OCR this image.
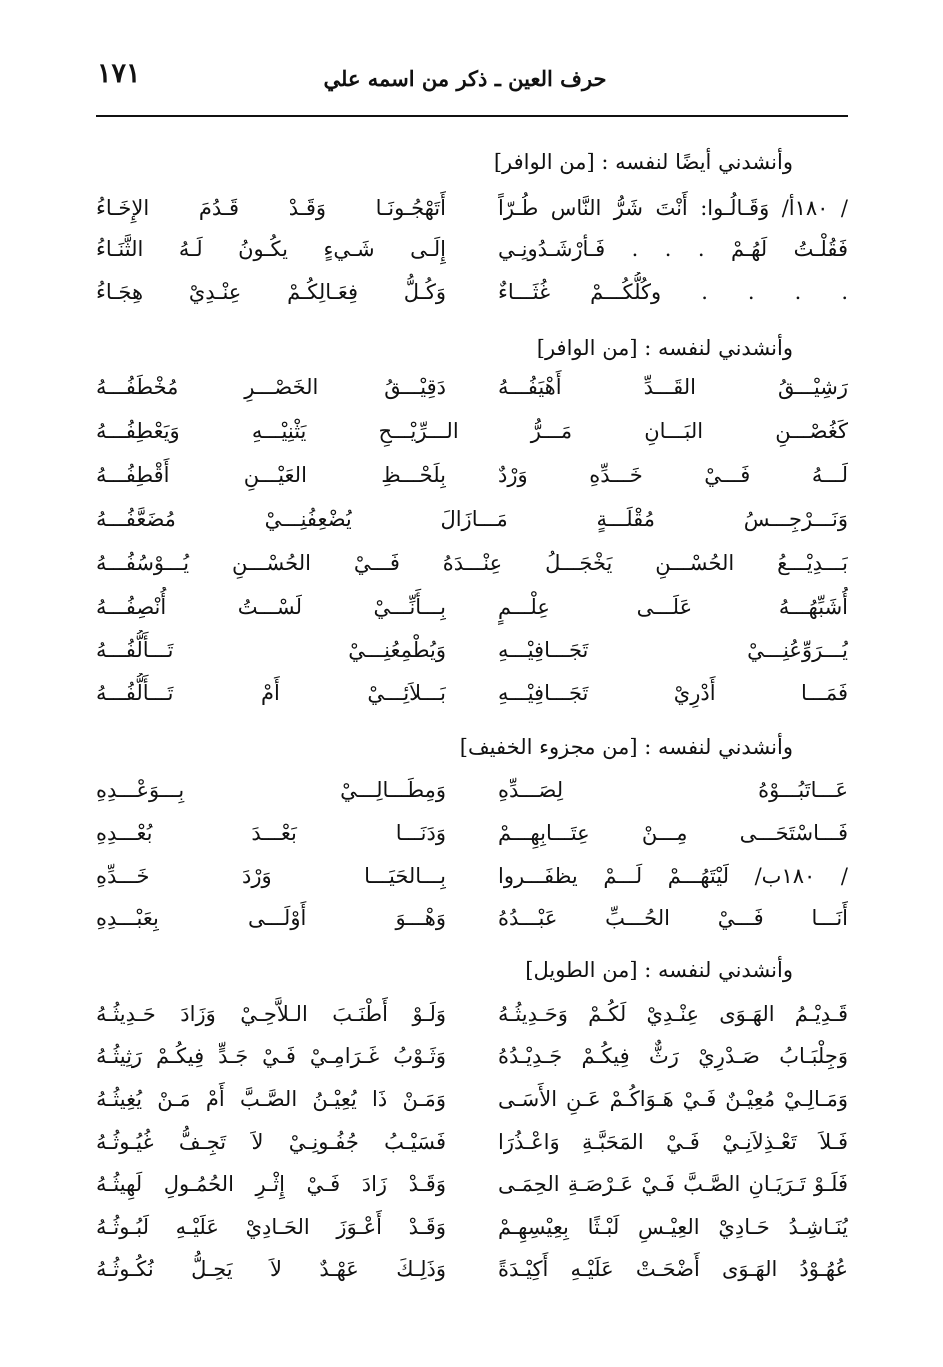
حرف العين ـ ذكر من اسمه علي
١٧١
وأنشدني أيضًا لنفسه : [من الوافر]
/ ١٨٠أ/ وَقَـالُـوا: أَنْتَ شَرُّ النَّاس طُـرّاً
أَتَهْجُـونَـا وَقَـدْ قَـدُمَ الإِخَـاءُ
فَقُلْـتُ لَهُـمْ . . . فَـأرْشَـدُونِـي
إِلَـى شَـيءٍ يكُـونُ لَـهُ الثَّنَـاءُ
. . . . وكُلُّكُـــمْ غُثَـــاءٌ
وَكُـلُّ فِعَـالِكُـمْ عِنْـدِيْ هِجَـاءُ
وأنشدني لنفسه : [من الوافر]
رَشِيْـــقُ القَـــدِّ أَهْيَفُـــهُ
دَقِيْـــقُ الخَصْـــرِ مُخْطَفُـــهُ
كَغُصْـــنِ البَـــانِ مَـــرُّ الـــرِّيْـــحِ يَثْنِيْـــهِ وَيَعْطِفُـــهُ
لَـــهُ فَـــيْ خَـــدِّهِ وَرْدٌ
بِلَحْـــظِ العَيْـــنِ أَقْطِفُـــهُ
وَنَـــرْجِـــسُ مُقْلَـــةٍ مَـــازَالَ يُضْعِفُنِـــيْ مُضَعَّفُـــهُ
بَـــدِيْـــعُ الحُسْـــنِ يَخْجَـــلُ عِنْـــدَهُ فَـــيْ الحُسْـــنِ يُـــوْسُفُـــهُ
أُشَبِّهُـــهُ عَلَـــى عِلْـــمٍ
بِـــأَنِّـــيْ لَسْـــتُ أُنْصِفُـــهُ
يُـــرَوِّعُنِـــيْ تَجَـــافِيْـــهِ
وَيُطْمِعُنِـــيْ تَـــأَلُّفُـــهُ
فَمَـــا أَدْرِيْ تَجَـــافِيْـــهِ
بَـــلاَئِـــيْ أَمْ تَـــأَلُّفُـــهُ
وأنشدني لنفسه : [من مجزوء الخفيف]
عَـــاتَبُـــوْهُ لِصَـــدِّهِ
وَمِطَـــالِـــيْ بِـــوَعْـــدِهِ
فَـــاسْتَحَـــى مِـــنْ عِتَـــابِهِـــمْ
وَدَنَـــا بَعْـــدَ بُعْـــدِهِ
/ ١٨٠ب/ لَيْتَهُـــمْ لَـــمْ يظفَـــروا
بِـــالحَيَـــا وَرْدَ خَـــدِّهِ
أَنَـــا فَـــيْ الحُـــبِّ عَبْـــدُهُ
وَهْـــوَ أَوْلَـــى بِعَبْـــدِهِ
وأنشدني لنفسه : [من الطويل]
قَـدِيْـمُ الهَـوَى عِنْـدِيْ لَكُـمْ وَحَـدِيثُـهُ
وَلَـوْ أَطْنَـبَ الـلاَّحِـيْ وَزَادَ حَـدِيثُـهُ
وَجِلْبَـابُ صَـدْرِيْ رَثٌّ فِيكُـمْ جَـدِيْـدُهُ
وَثَـوْبُ غَـرَامِـيْ فَـيْ جَـدٍّ فِيكُـمْ رَثِيثُـهُ
وَمَـالِـيْ مُعِيْـنٌ فَـيْ هَـوَاكُـمْ عَـنِ الأَسَـى
وَمَـنْ ذَا يُعِيْـنُ الصَّـبَّ أَمْ مَـنْ يُغِيثُـهُ
فَـلاَ تَعْـذِلاَنِـيْ فَـيْ المَحَبَّـةِ وَاعْـذُرَا
فَسَيْـبُ جُفُـونِـيْ لاَ تَجِـفُّ غُيُـوثُـهُ
فَلَـوْ تَـرَيَـانِ الصَّـبَّ فَـيْ عَـرْصَـةِ الحِمَـى
وَقَـدْ زَادَ فَـيْ إِثْـرِ الحُمُـولِ لَهِيثُـهُ
يُنَـاشِـدُ حَـادِيْ العِيْـسِ لَبْـثًا بِعِيْسِهِـمْ
وَقَـدْ أَعْـوَزَ الحَـادِيْ عَلَيْـهِ لَبُـوثُـهُ
عُهُـوْدُ الهَـوَى أَضْحَـتْ عَلَيْـهِ أَكِيْـدَةً
وَذَلِـكَ عَهْـدٌ لاَ يَحِـلُّ نُكُـوثُـهُ
